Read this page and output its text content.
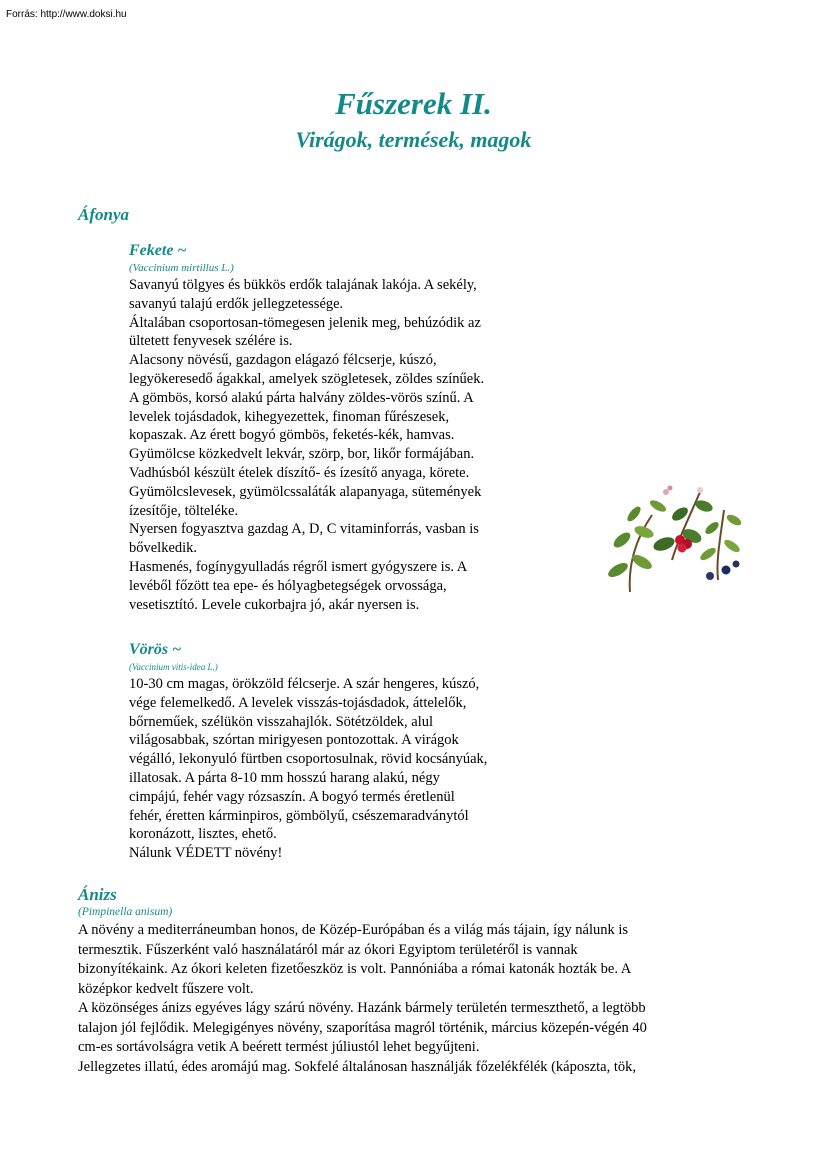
Forrás: http://www.doksi.hu
Fűszerek II.
Virágok, termések, magok
Áfonya
Fekete ~
(Vaccinium mirtillus L.)
Savanyú tölgyes és bükkös erdők talajának lakója. A sekély,
savanyú talajú erdők jellegzetessége.
Általában csoportosan-tömegesen jelenik meg, behúzódik az
ültetett fenyvesek szélére is.
Alacsony növésű, gazdagon elágazó félcserje, kúszó,
legyökeresedő ágakkal, amelyek szögletesek, zöldes színűek.
A gömbös, korsó alakú párta halvány zöldes-vörös színű. A
levelek tojásdadok, kihegyezettek, finoman fűrészesek,
kopaszak. Az érett bogyó gömbös, feketés-kék, hamvas.
Gyümölcse közkedvelt lekvár, szörp, bor, likőr formájában.
Vadhúsból készült ételek díszítő- és ízesítő anyaga, körete.
Gyümölcslevesek, gyümölcssaláták alapanyaga, sütemények
ízesítője, tölteléke.
Nyersen fogyasztva gazdag A, D, C vitaminforrás, vasban is
bővelkedik.
Hasmenés, fogínygyulladás régről ismert gyógyszere is. A
levéből főzött tea epe- és hólyagbetegségek orvossága,
vesetisztító. Levele cukorbajra jó, akár nyersen is.
Vörös ~
(Vaccinium vitis-idea L.)
10-30 cm magas, örökzöld félcserje. A szár hengeres, kúszó,
vége felemelkedő. A levelek visszás-tojásdadok, áttelelők,
bőrneműek, szélükön visszahajlók. Sötétzöldek, alul
világosabbak, szórtan mirigyesen pontozottak. A virágok
végálló, lekonyuló fürtben csoportosulnak, rövid kocsányúak,
illatosak. A párta 8-10 mm hosszú harang alakú, négy
cimpájú, fehér vagy rózsaszín. A bogyó termés éretlenül
fehér, éretten kárminpiros, gömbölyű, csészemaradványtól
koronázott, lisztes, ehető.
Nálunk VÉDETT növény!
Ánizs
(Pimpinella anisum)
A növény a mediterráneumban honos, de Közép-Európában és a világ más tájain, így nálunk is
termesztik. Fűszerként való használatáról már az ókori Egyiptom területéről is vannak
bizonyítékaink. Az ókori keleten fizetőeszköz is volt. Pannóniába a római katonák hozták be. A
középkor kedvelt fűszere volt.
A közönséges ánizs egyéves lágy szárú növény. Hazánk bármely területén termeszthető, a legtöbb
talajon jól fejlődik. Melegigényes növény, szaporítása magról történik, március közepén-végén 40
cm-es sortávolságra vetik A beérett termést júliustól lehet begyűjteni.
Jellegzetes illatú, édes aromájú mag. Sokfelé általánosan használják főzelékfélék (káposzta, tök,
